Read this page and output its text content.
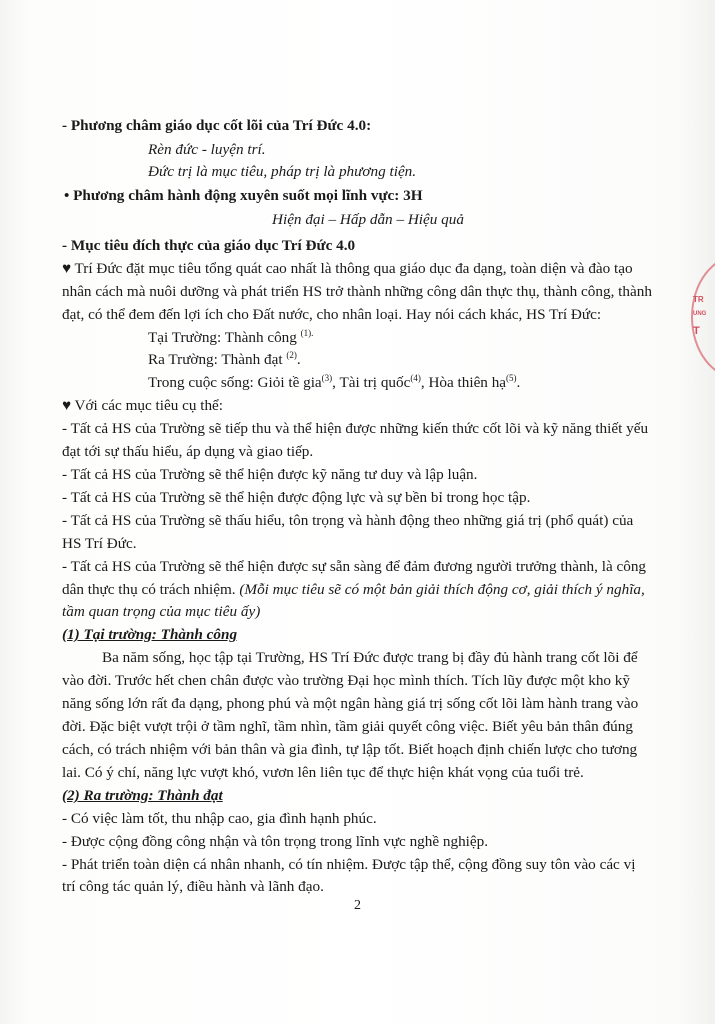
- Phương châm giáo dục cốt lõi của Trí Đức 4.0:
Rèn đức - luyện trí.
Đức trị là mục tiêu, pháp trị là phương tiện.
• Phương châm hành động xuyên suốt mọi lĩnh vực: 3H
Hiện đại – Hấp dẫn – Hiệu quả
- Mục tiêu đích thực của giáo dục Trí Đức 4.0
♥ Trí Đức đặt mục tiêu tổng quát cao nhất là thông qua giáo dục đa dạng, toàn diện và đào tạo
nhân cách mà nuôi dưỡng và phát triển HS trở thành những công dân thực thụ, thành công, thành
đạt, có thể đem đến lợi ích cho Đất nước, cho nhân loại. Hay nói cách khác, HS Trí Đức:
Tại Trường: Thành công $^{(1).}$
Ra Trường: Thành đạt $^{(2)}$.
Trong cuộc sống: Giỏi tề gia$^{(3)}$, Tài trị quốc$^{(4)}$, Hòa thiên hạ$^{(5)}$.
♥ Với các mục tiêu cụ thể:
- Tất cả HS của Trường sẽ tiếp thu và thể hiện được những kiến thức cốt lõi và kỹ năng thiết yếu
đạt tới sự thấu hiểu, áp dụng và giao tiếp.
- Tất cả HS của Trường sẽ thể hiện được kỹ năng tư duy và lập luận.
- Tất cả HS của Trường sẽ thể hiện được động lực và sự bền bỉ trong học tập.
- Tất cả HS của Trường sẽ thấu hiểu, tôn trọng và hành động theo những giá trị (phổ quát) của
HS Trí Đức.
- Tất cả HS của Trường sẽ thể hiện được sự sẵn sàng để đảm đương người trưởng thành, là công
dân thực thụ có trách nhiệm. (Mỗi mục tiêu sẽ có một bản giải thích động cơ, giải thích ý nghĩa,
tầm quan trọng của mục tiêu ấy)
(1) Tại trường: Thành công
Ba năm sống, học tập tại Trường, HS Trí Đức được trang bị đầy đủ hành trang cốt lõi để
vào đời. Trước hết chen chân được vào trường Đại học mình thích. Tích lũy được một kho kỹ
năng sống lớn rất đa dạng, phong phú và một ngân hàng giá trị sống cốt lõi làm hành trang vào
đời. Đặc biệt vượt trội ở tầm nghĩ, tầm nhìn, tầm giải quyết công việc. Biết yêu bản thân đúng
cách, có trách nhiệm với bản thân và gia đình, tự lập tốt. Biết hoạch định chiến lược cho tương
lai. Có ý chí, năng lực vượt khó, vươn lên liên tục để thực hiện khát vọng của tuổi trẻ.
(2) Ra trường: Thành đạt
- Có việc làm tốt, thu nhập cao, gia đình hạnh phúc.
- Được cộng đồng công nhận và tôn trọng trong lĩnh vực nghề nghiệp.
- Phát triển toàn diện cá nhân nhanh, có tín nhiệm. Được tập thể, cộng đồng suy tôn vào các vị
trí công tác quản lý, điều hành và lãnh đạo.
2
TR
UNG
T
